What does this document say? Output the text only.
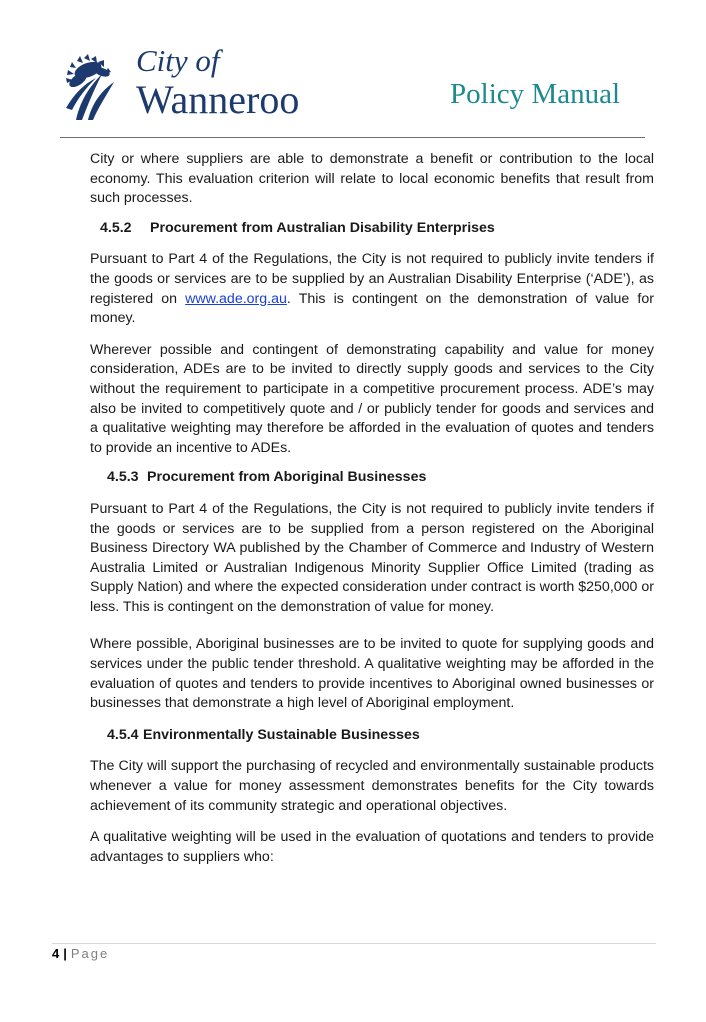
City of
Wanneroo	Policy Manual

City or where suppliers are able to demonstrate a benefit or contribution to the local economy. This evaluation criterion will relate to local economic benefits that result from such processes.

4.5.2 Procurement from Australian Disability Enterprises

Pursuant to Part 4 of the Regulations, the City is not required to publicly invite tenders if the goods or services are to be supplied by an Australian Disability Enterprise (‘ADE’), as registered on www.ade.org.au. This is contingent on the demonstration of value for money.

Wherever possible and contingent of demonstrating capability and value for money consideration, ADEs are to be invited to directly supply goods and services to the City without the requirement to participate in a competitive procurement process. ADE’s may also be invited to competitively quote and / or publicly tender for goods and services and a qualitative weighting may therefore be afforded in the evaluation of quotes and tenders to provide an incentive to ADEs.

4.5.3 Procurement from Aboriginal Businesses

Pursuant to Part 4 of the Regulations, the City is not required to publicly invite tenders if the goods or services are to be supplied from a person registered on the Aboriginal Business Directory WA published by the Chamber of Commerce and Industry of Western Australia Limited or Australian Indigenous Minority Supplier Office Limited (trading as Supply Nation) and where the expected consideration under contract is worth $250,000 or less. This is contingent on the demonstration of value for money.

Where possible, Aboriginal businesses are to be invited to quote for supplying goods and services under the public tender threshold. A qualitative weighting may be afforded in the evaluation of quotes and tenders to provide incentives to Aboriginal owned businesses or businesses that demonstrate a high level of Aboriginal employment.

4.5.4 Environmentally Sustainable Businesses

The City will support the purchasing of recycled and environmentally sustainable products whenever a value for money assessment demonstrates benefits for the City towards achievement of its community strategic and operational objectives.

A qualitative weighting will be used in the evaluation of quotations and tenders to provide advantages to suppliers who:

4 | Page
